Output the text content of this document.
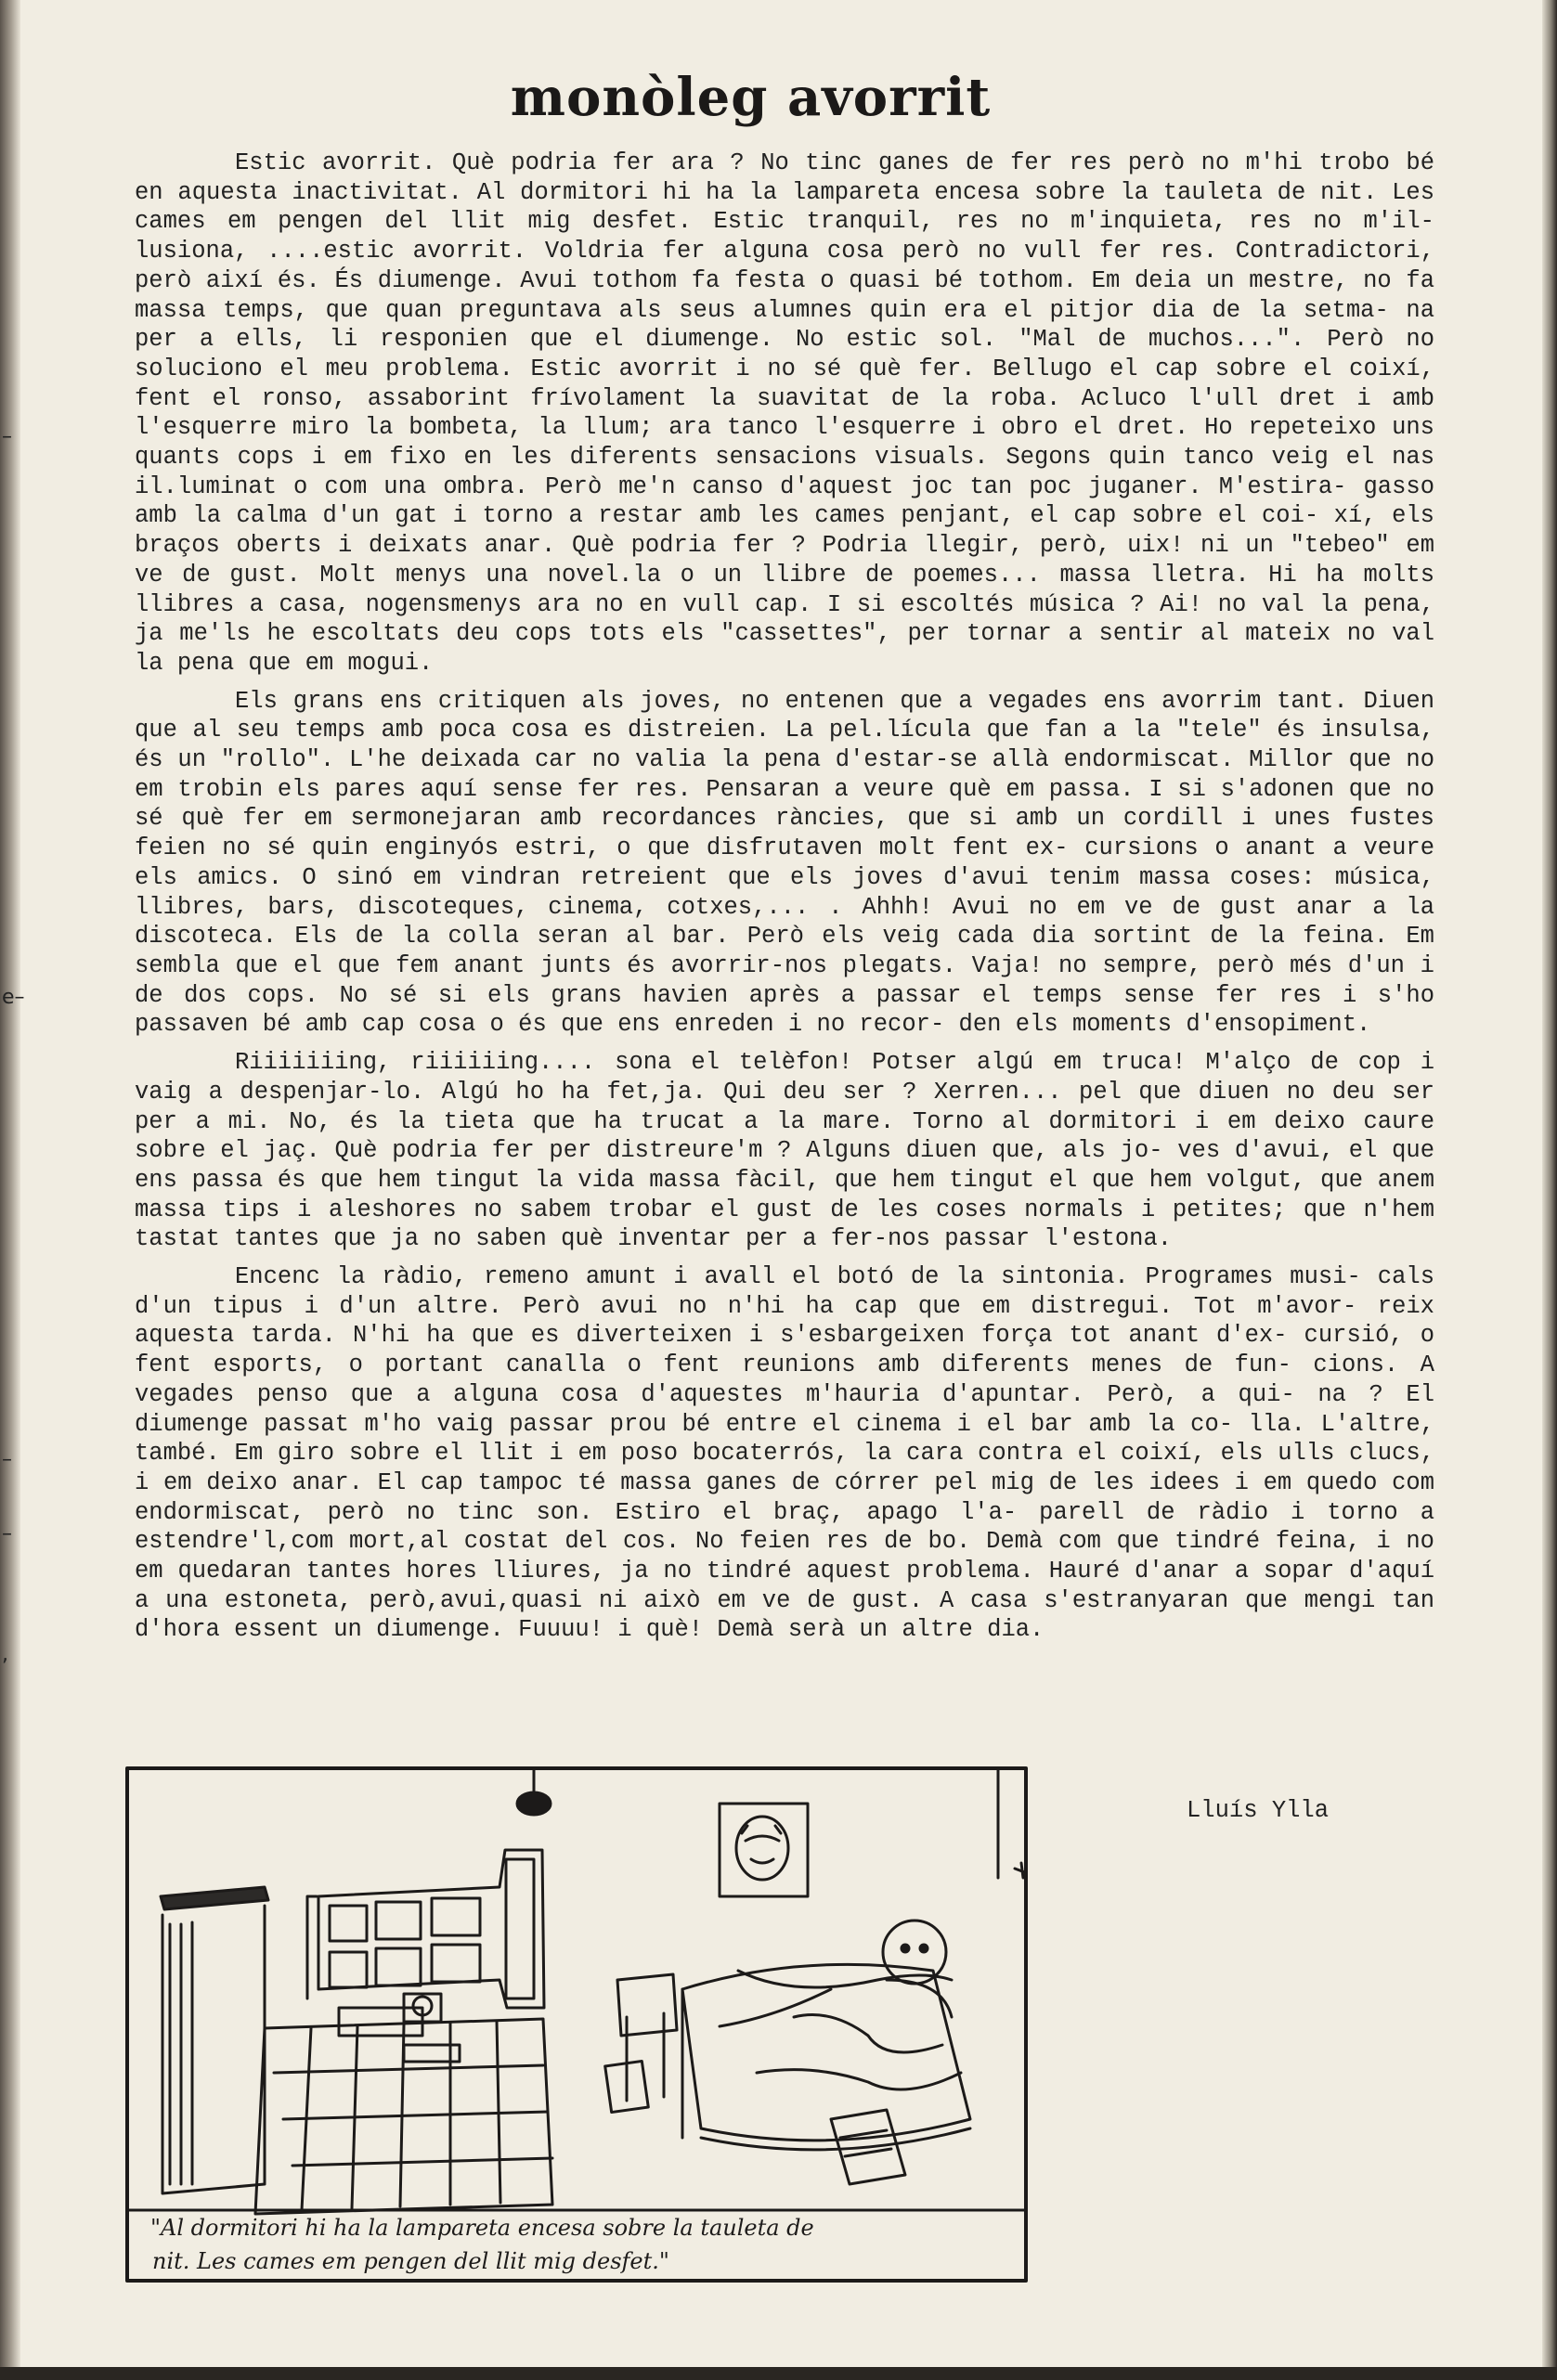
–
e–
–
–
,
monòleg avorrit

Estic avorrit. Què podria fer ara ? No tinc ganes de fer res però no m'hi trobo bé en aquesta inactivitat. Al dormitori hi ha la lampareta encesa sobre la tauleta de nit. Les cames em pengen del llit mig desfet. Estic tranquil, res no m'inquieta, res no m'il- lusiona, ....estic avorrit. Voldria fer alguna cosa però no vull fer res. Contradictori, però així és. És diumenge. Avui tothom fa festa o quasi bé tothom. Em deia un mestre, no fa massa temps, que quan preguntava als seus alumnes quin era el pitjor dia de la setma- na per a ells, li responien que el diumenge. No estic sol. "Mal de muchos...". Però no soluciono el meu problema. Estic avorrit i no sé què fer. Bellugo el cap sobre el coixí, fent el ronso, assaborint frívolament la suavitat de la roba. Acluco l'ull dret i amb l'esquerre miro la bombeta, la llum; ara tanco l'esquerre i obro el dret. Ho repeteixo uns quants cops i em fixo en les diferents sensacions visuals. Segons quin tanco veig el nas il.luminat o com una ombra. Però me'n canso d'aquest joc tan poc juganer. M'estira- gasso amb la calma d'un gat i torno a restar amb les cames penjant, el cap sobre el coi- xí, els braços oberts i deixats anar. Què podria fer ? Podria llegir, però, uix! ni un "tebeo" em ve de gust. Molt menys una novel.la o un llibre de poemes... massa lletra. Hi ha molts llibres a casa, nogensmenys ara no en vull cap. I si escoltés música ? Ai! no val la pena, ja me'ls he escoltats deu cops tots els "cassettes", per tornar a sentir al mateix no val la pena que em mogui.

Els grans ens critiquen als joves, no entenen que a vegades ens avorrim tant. Diuen que al seu temps amb poca cosa es distreien. La pel.lícula que fan a la "tele" és insulsa, és un "rollo". L'he deixada car no valia la pena d'estar-se allà endormiscat. Millor que no em trobin els pares aquí sense fer res. Pensaran a veure què em passa. I si s'adonen que no sé què fer em sermonejaran amb recordances ràncies, que si amb un cordill i unes fustes feien no sé quin enginyós estri, o que disfrutaven molt fent ex- cursions o anant a veure els amics. O sinó em vindran retreient que els joves d'avui tenim massa coses: música, llibres, bars, discoteques, cinema, cotxes,... . Ahhh! Avui no em ve de gust anar a la discoteca. Els de la colla seran al bar. Però els veig cada dia sortint de la feina. Em sembla que el que fem anant junts és avorrir-nos plegats. Vaja! no sempre, però més d'un i de dos cops. No sé si els grans havien après a passar el temps sense fer res i s'ho passaven bé amb cap cosa o és que ens enreden i no recor- den els moments d'ensopiment.

Riiiiiiing, riiiiiing.... sona el telèfon! Potser algú em truca! M'alço de cop i vaig a despenjar-lo. Algú ho ha fet,ja. Qui deu ser ? Xerren... pel que diuen no deu ser per a mi. No, és la tieta que ha trucat a la mare. Torno al dormitori i em deixo caure sobre el jaç. Què podria fer per distreure'm ? Alguns diuen que, als jo- ves d'avui, el que ens passa és que hem tingut la vida massa fàcil, que hem tingut el que hem volgut, que anem massa tips i aleshores no sabem trobar el gust de les coses normals i petites; que n'hem tastat tantes que ja no saben què inventar per a fer-nos passar l'estona.

Encenc la ràdio, remeno amunt i avall el botó de la sintonia. Programes musi- cals d'un tipus i d'un altre. Però avui no n'hi ha cap que em distregui. Tot m'avor- reix aquesta tarda. N'hi ha que es diverteixen i s'esbargeixen força tot anant d'ex- cursió, o fent esports, o portant canalla o fent reunions amb diferents menes de fun- cions. A vegades penso que a alguna cosa d'aquestes m'hauria d'apuntar. Però, a qui- na ? El diumenge passat m'ho vaig passar prou bé entre el cinema i el bar amb la co- lla. L'altre, també. Em giro sobre el llit i em poso bocaterrós, la cara contra el coixí, els ulls clucs, i em deixo anar. El cap tampoc té massa ganes de córrer pel mig de les idees i em quedo com endormiscat, però no tinc son. Estiro el braç, apago l'a- parell de ràdio i torno a estendre'l,com mort,al costat del cos. No feien res de bo. Demà com que tindré feina, i no em quedaran tantes hores lliures, ja no tindré aquest problema. Hauré d'anar a sopar d'aquí a una estoneta, però,avui,quasi ni això em ve de gust. A casa s'estranyaran que mengi tan d'hora essent un diumenge. Fuuuu! i què! Demà serà un altre dia.

Lluís Ylla
"Al dormitori hi ha la lampareta encesa sobre la tauleta de
nit. Les cames em pengen del llit mig desfet."
